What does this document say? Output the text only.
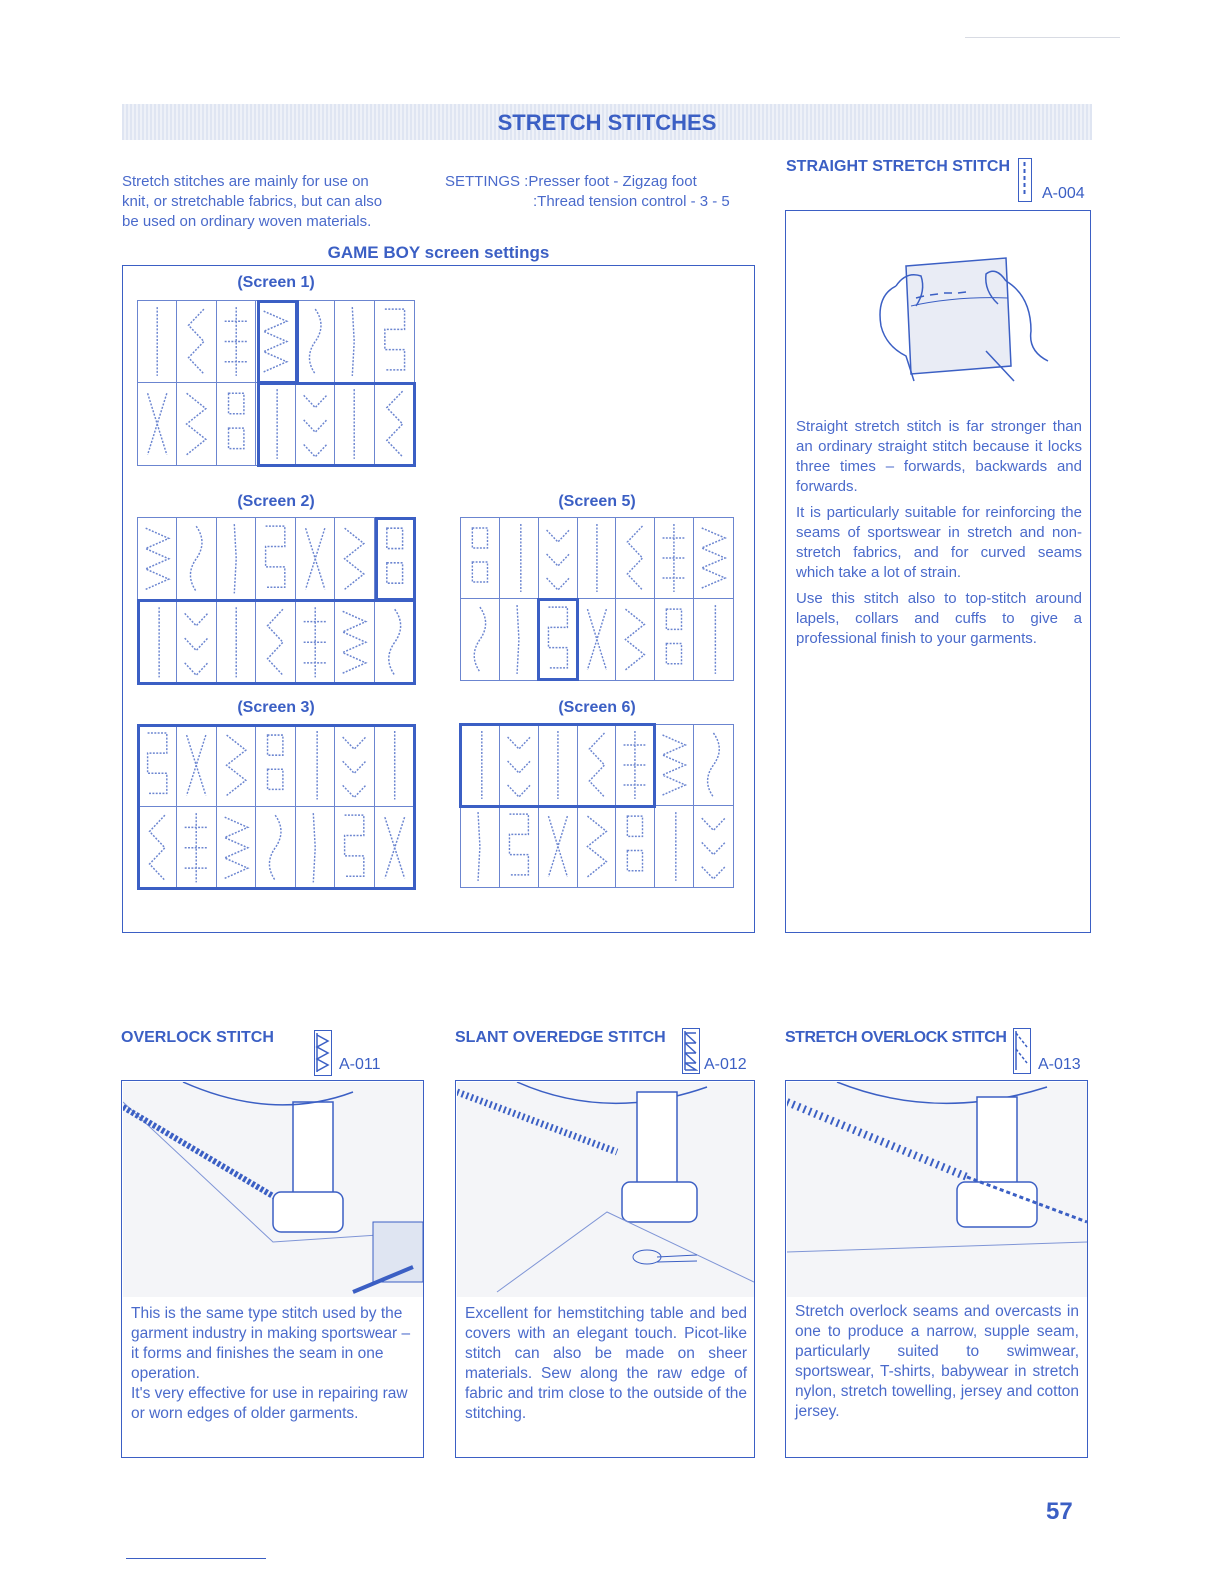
STRETCH STITCHES
Stretch stitches are mainly for use on
knit, or stretchable fabrics, but can also
be used on ordinary woven materials.
SETTINGS :Presser foot - Zigzag foot
:Thread tension control - 3 - 5
GAME BOY screen settings
(Screen 1)
(Screen 2)
(Screen 3)
(Screen 5)
(Screen 6)
STRAIGHT STRETCH STITCH
A-004

Straight stretch stitch is far stronger than an ordinary straight stitch because it locks three times – forwards, backwards and forwards.

It is particularly suitable for reinforcing the seams of sportswear in stretch and non-stretch fabrics, and for curved seams which take a lot of strain.

Use this stitch also to top-stitch around lapels, collars and cuffs to give a professional finish to your garments.

OVERLOCK STITCH
A-011

This is the same type stitch used by the garment industry in making sportswear – it forms and finishes the seam in one operation.

It's very effective for use in repairing raw or worn edges of older garments.

SLANT OVEREDGE STITCH
A-012

Excellent for hemstitching table and bed covers with an elegant touch. Picot-like stitch can also be made on sheer materials. Sew along the raw edge of fabric and trim close to the outside of the stitching.

STRETCH OVERLOCK STITCH
A-013

Stretch overlock seams and overcasts in one to produce a narrow, supple seam, particularly suited to swimwear, sportswear, T-shirts, babywear in stretch nylon, stretch towelling, jersey and cotton jersey.

57
